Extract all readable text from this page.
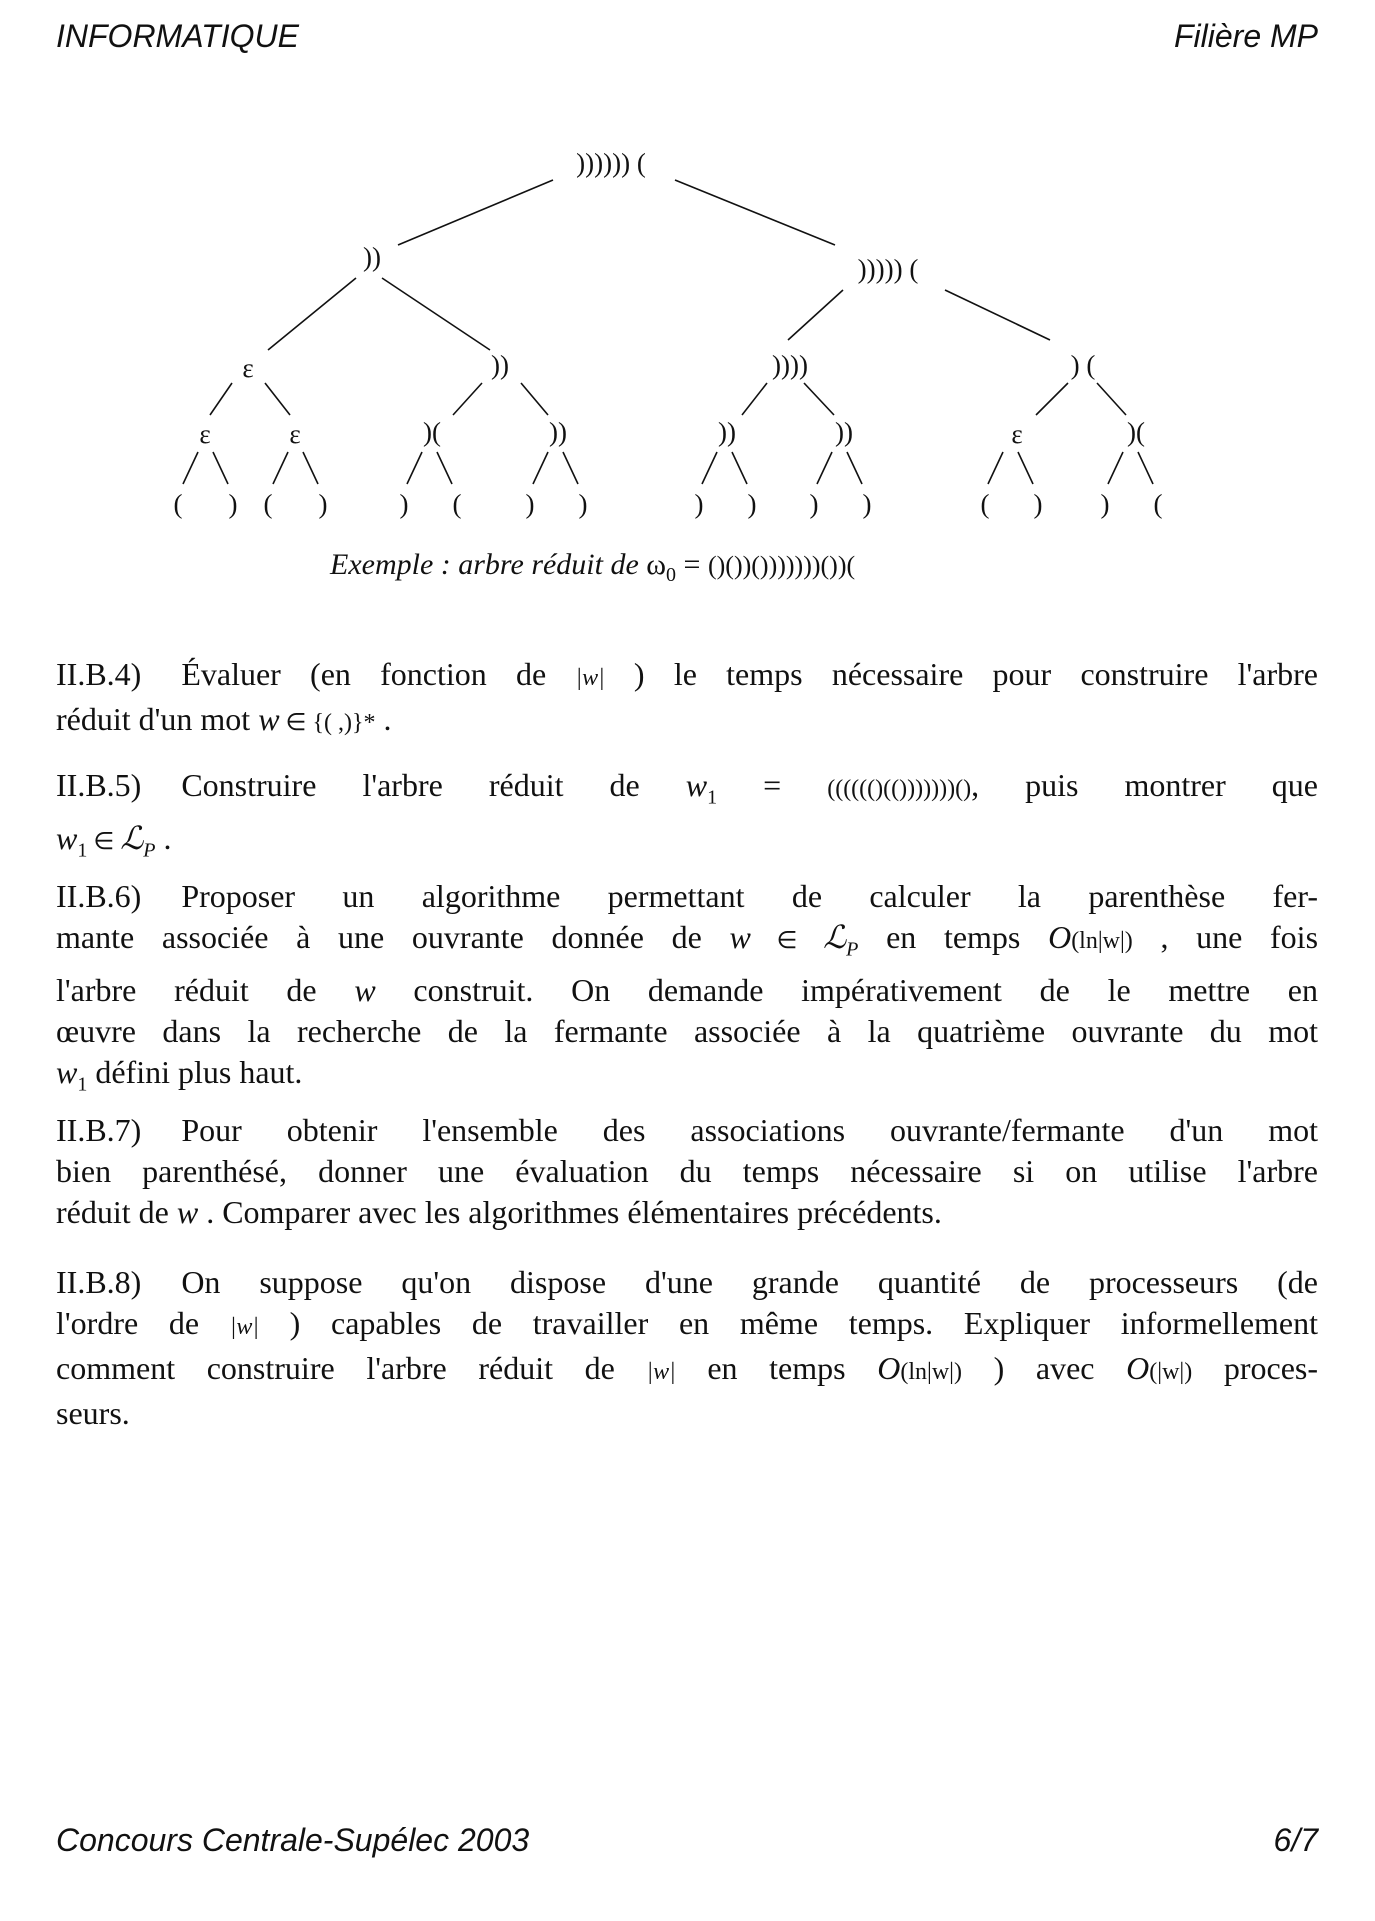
INFORMATIQUE	Filière MP
)))))) (
))	))))) (
ε	))	))))	) (
ε	ε	)(	))	))	))	ε	)(
( ) ( )	) ( ) )	) ) ) )	( ) ) (
Exemple : arbre réduit de $\omega_0$ = ()())()))))))())(
II.B.4) Évaluer (en fonction de |w| ) le temps nécessaire pour construire l'arbre
réduit d'un mot w ∈ {( ,)}* .
II.B.5) Construire l'arbre réduit de $w_1$ = (((((()(()))))))(), puis montrer que
$w_1$ ∈ ℒ$_P$ .
II.B.6) Proposer un algorithme permettant de calculer la parenthèse fer-
mante associée à une ouvrante donnée de w ∈ ℒ$_P$ en temps O(ln|w|) , une fois
l'arbre réduit de w construit. On demande impérativement de le mettre en
œuvre dans la recherche de la fermante associée à la quatrième ouvrante du mot
$w_1$ défini plus haut.
II.B.7) Pour obtenir l'ensemble des associations ouvrante/fermante d'un mot
bien parenthésé, donner une évaluation du temps nécessaire si on utilise l'arbre
réduit de w . Comparer avec les algorithmes élémentaires précédents.
II.B.8) On suppose qu'on dispose d'une grande quantité de processeurs (de
l'ordre de |w| ) capables de travailler en même temps. Expliquer informellement
comment construire l'arbre réduit de |w| en temps O(ln|w|) ) avec O(|w|) proces-
seurs.
Concours Centrale-Supélec 2003	6/7
